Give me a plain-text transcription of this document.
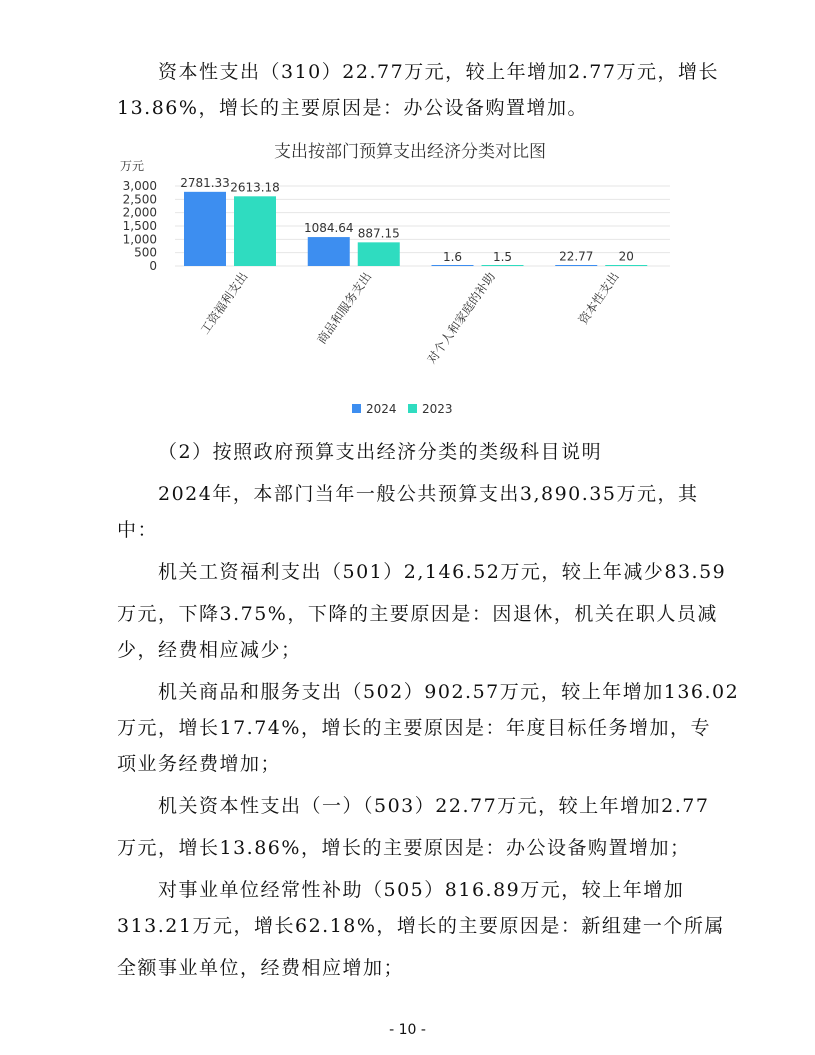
资本性支出（310）22.77万元，较上年增加2.77万元，增长
13.86%，增长的主要原因是：办公设备购置增加。
支出按部门预算支出经济分类对比图
万元
0
500
1,000
1,500
2,000
2,500
3,000 2781.33 2613.18
1084.64 887.15
1.6	1.5	22.77 20
工资福利支出	商品和服务支出	对个人和家庭的补助	资本性支出
2024 2023
（2）按照政府预算支出经济分类的类级科目说明
2024年，本部门当年一般公共预算支出3,890.35万元，其
中：
机关工资福利支出（501）2,146.52万元，较上年减少83.59
万元，下降3.75%，下降的主要原因是：因退休，机关在职人员减
少，经费相应减少；
机关商品和服务支出（502）902.57万元，较上年增加136.02
万元，增长17.74%，增长的主要原因是：年度目标任务增加，专
项业务经费增加；
机关资本性支出（一）（503）22.77万元，较上年增加2.77
万元，增长13.86%，增长的主要原因是：办公设备购置增加；
对事业单位经常性补助（505）816.89万元，较上年增加
313.21万元，增长62.18%，增长的主要原因是：新组建一个所属
全额事业单位，经费相应增加；
- 10 -
